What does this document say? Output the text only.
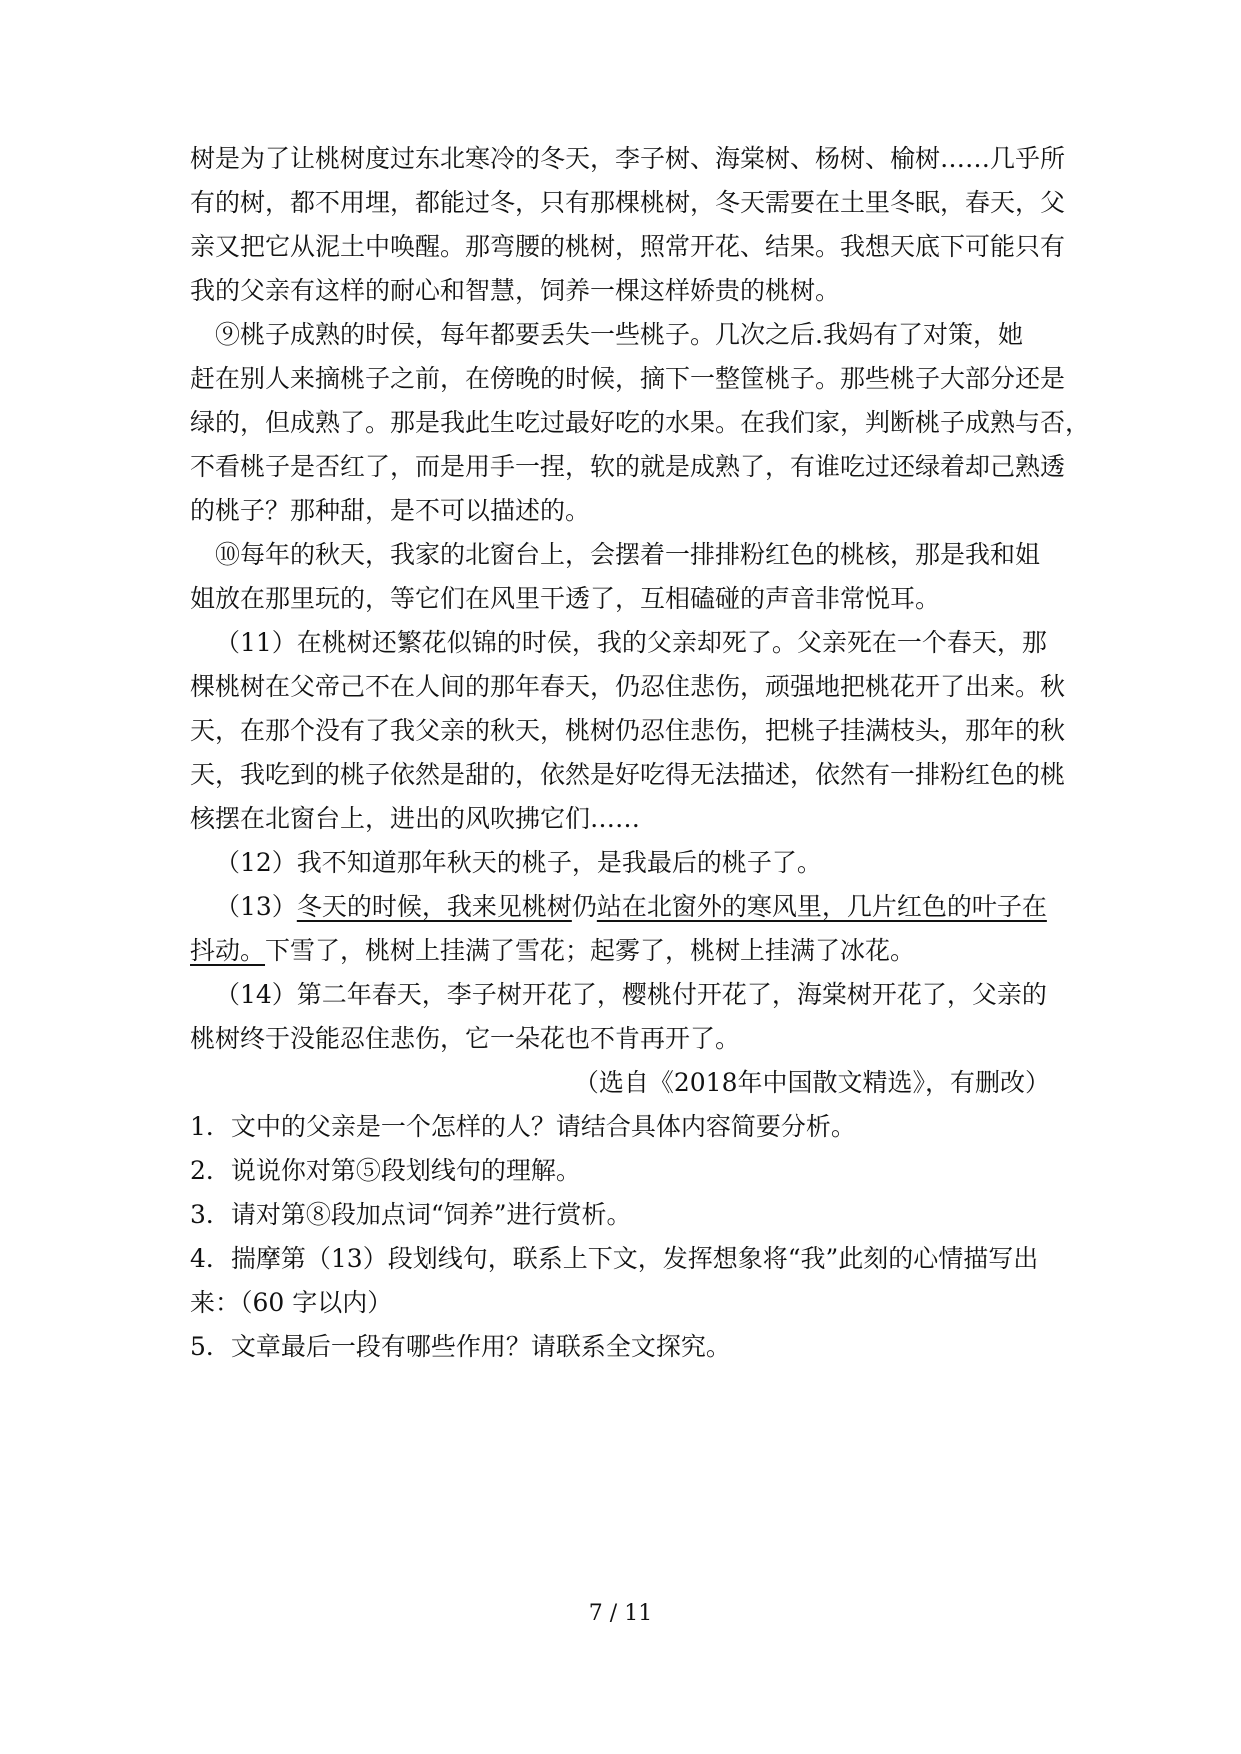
树是为了让桃树度过东北寒冷的冬天，李子树、海棠树、杨树、榆树……几乎所
有的树，都不用埋，都能过冬，只有那棵桃树，冬天需要在土里冬眠，春天，父
亲又把它从泥土中唤醒。那弯腰的桃树，照常开花、结果。我想天底下可能只有
我的父亲有这样的耐心和智慧，饲养一棵这样娇贵的桃树。
⑨桃子成熟的时侯，每年都要丢失一些桃子。几次之后.我妈有了对策，她
赶在别人来摘桃子之前，在傍晚的时候，摘下一整筐桃子。那些桃子大部分还是
绿的，但成熟了。那是我此生吃过最好吃的水果。在我们家，判断桃子成熟与否，
不看桃子是否红了，而是用手一捏，软的就是成熟了，有谁吃过还绿着却己熟透
的桃子？那种甜，是不可以描述的。
⑩每年的秋天，我家的北窗台上，会摆着一排排粉红色的桃核，那是我和姐
姐放在那里玩的，等它们在风里干透了，互相磕碰的声音非常悦耳。
（11）在桃树还繁花似锦的时侯，我的父亲却死了。父亲死在一个春天，那
棵桃树在父帝己不在人间的那年春天，仍忍住悲伤，顽强地把桃花开了出来。秋
天，在那个没有了我父亲的秋天，桃树仍忍住悲伤，把桃子挂满枝头，那年的秋
天，我吃到的桃子依然是甜的，依然是好吃得无法描述，依然有一排粉红色的桃
核摆在北窗台上，进出的风吹拂它们……
（12）我不知道那年秋天的桃子，是我最后的桃子了。
（13）冬天的时候，我来见桃树仍站在北窗外的寒风里，几片红色的叶子在
抖动。下雪了，桃树上挂满了雪花；起雾了，桃树上挂满了冰花。
（14）第二年春天，李子树开花了，樱桃付开花了，海棠树开花了，父亲的
桃树终于没能忍住悲伤，它一朵花也不肯再开了。
（选自《2018年中国散文精选》，有删改）
1．文中的父亲是一个怎样的人？请结合具体内容简要分析。
2．说说你对第⑤段划线句的理解。
3．请对第⑧段加点词“饲养”进行赏析。
4．揣摩第（13）段划线句，联系上下文，发挥想象将“我”此刻的心情描写出
来：（60 字以内）
5．文章最后一段有哪些作用？请联系全文探究。
7 / 11
